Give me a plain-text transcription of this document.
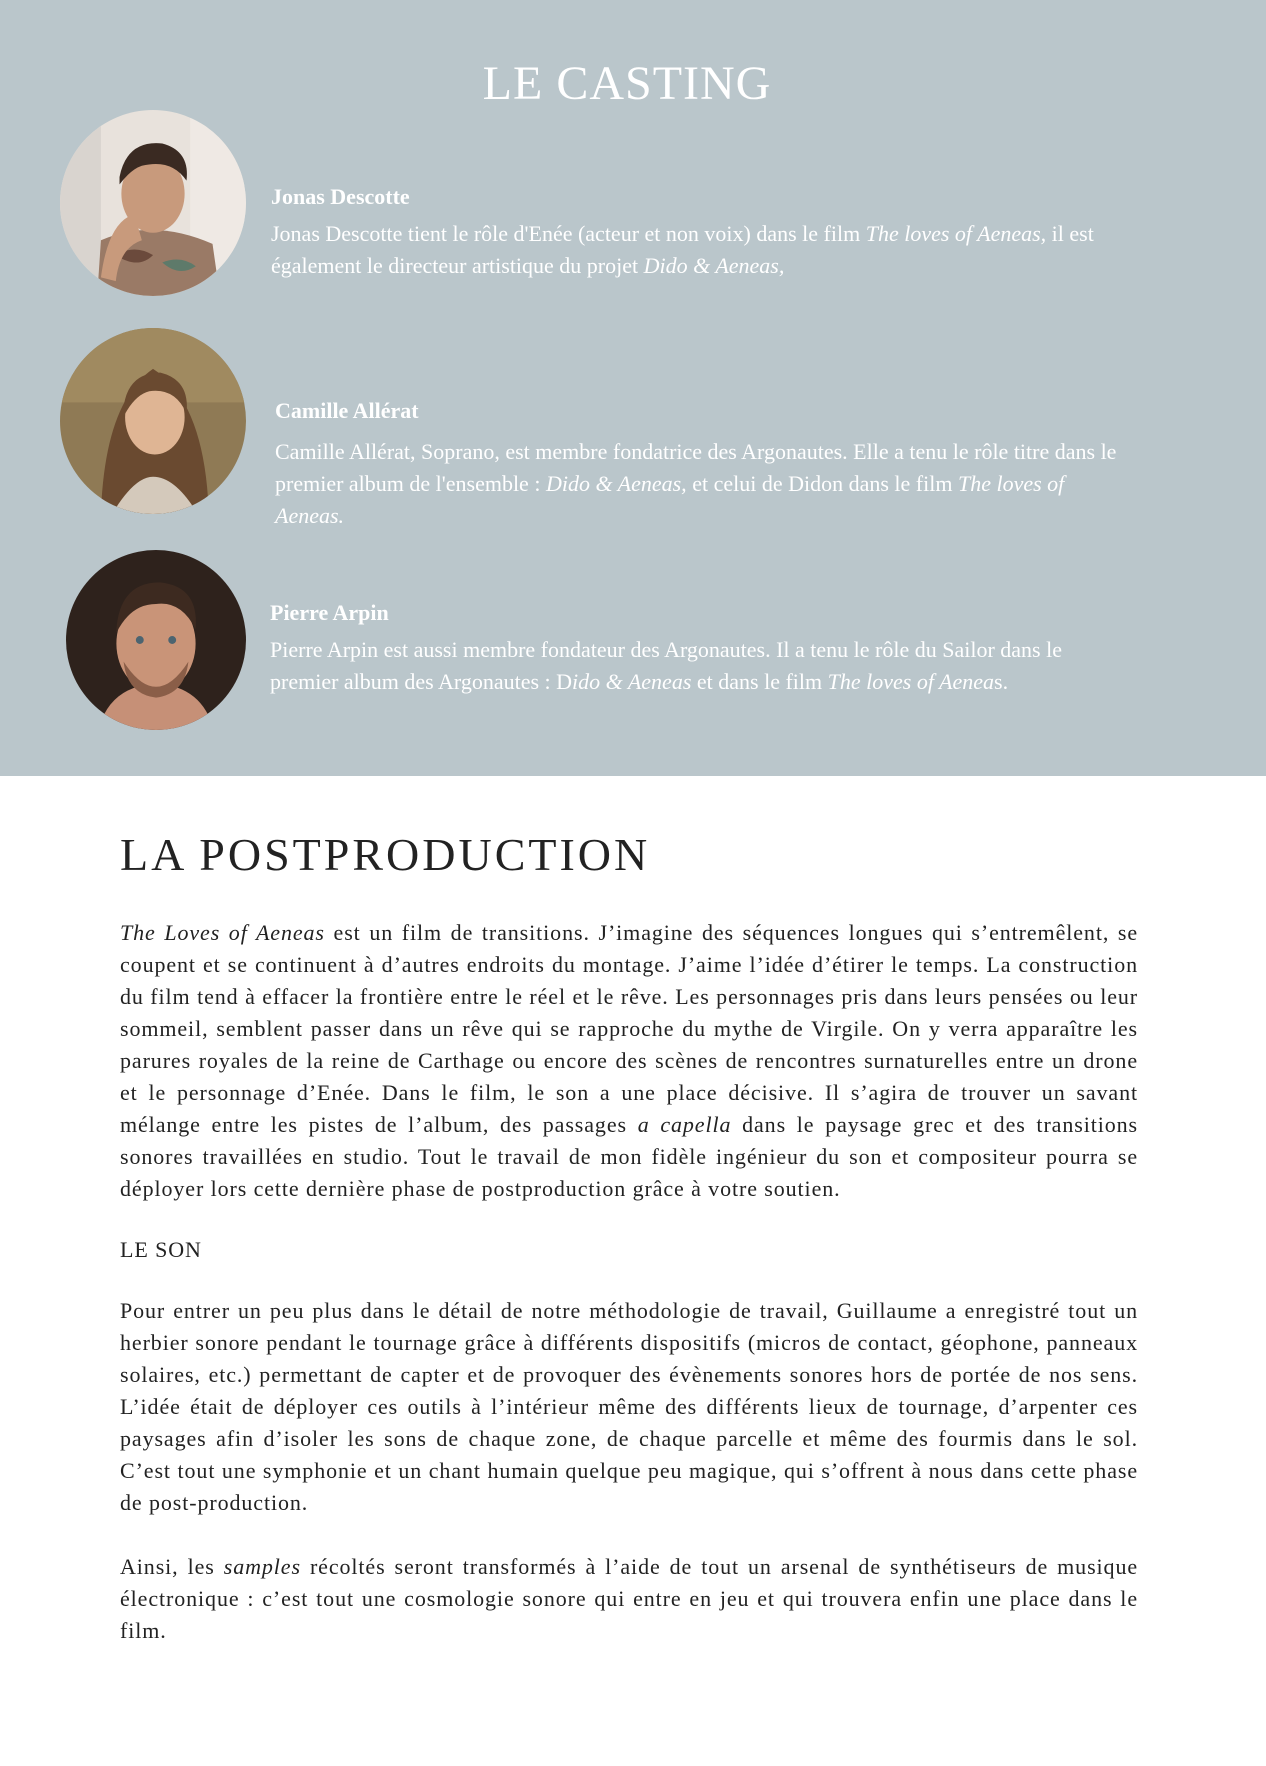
LE CASTING

Jonas Descotte

Jonas Descotte tient le rôle d'Enée (acteur et non voix) dans le film The loves of Aeneas, il est également le directeur artistique du projet Dido & Aeneas,

Camille Allérat

Camille Allérat, Soprano, est membre fondatrice des Argonautes. Elle a tenu le rôle titre dans le premier album de l'ensemble : Dido & Aeneas, et celui de Didon dans le film The loves of Aeneas.

Pierre Arpin

Pierre Arpin est aussi membre fondateur des Argonautes. Il a tenu le rôle du Sailor dans le premier album des Argonautes : Dido & Aeneas et dans le film The loves of Aeneas.

LA POSTPRODUCTION

The Loves of Aeneas est un film de transitions. J’imagine des séquences longues qui s’entremêlent, se coupent et se continuent à d’autres endroits du montage. J’aime l’idée d’étirer le temps. La construction du film tend à effacer la frontière entre le réel et le rêve. Les personnages pris dans leurs pensées ou leur sommeil, semblent passer dans un rêve qui se rapproche du mythe de Virgile. On y verra apparaître les parures royales de la reine de Carthage ou encore des scènes de rencontres surnaturelles entre un drone et le personnage d’Enée. Dans le film, le son a une place décisive. Il s’agira de trouver un savant mélange entre les pistes de l’album, des passages a capella dans le paysage grec et des transitions sonores travaillées en studio. Tout le travail de mon fidèle ingénieur du son et compositeur pourra se déployer lors cette dernière phase de postproduction grâce à votre soutien.

LE SON

Pour entrer un peu plus dans le détail de notre méthodologie de travail, Guillaume a enregistré tout un herbier sonore pendant le tournage grâce à différents dispositifs (micros de contact, géophone, panneaux solaires, etc.) permettant de capter et de provoquer des évènements sonores hors de portée de nos sens. L’idée était de déployer ces outils à l’intérieur même des différents lieux de tournage, d’arpenter ces paysages afin d’isoler les sons de chaque zone, de chaque parcelle et même des fourmis dans le sol. C’est tout une symphonie et un chant humain quelque peu magique, qui s’offrent à nous dans cette phase de post-production.

Ainsi, les samples récoltés seront transformés à l’aide de tout un arsenal de synthétiseurs de musique électronique : c’est tout une cosmologie sonore qui entre en jeu et qui trouvera enfin une place dans le film.
